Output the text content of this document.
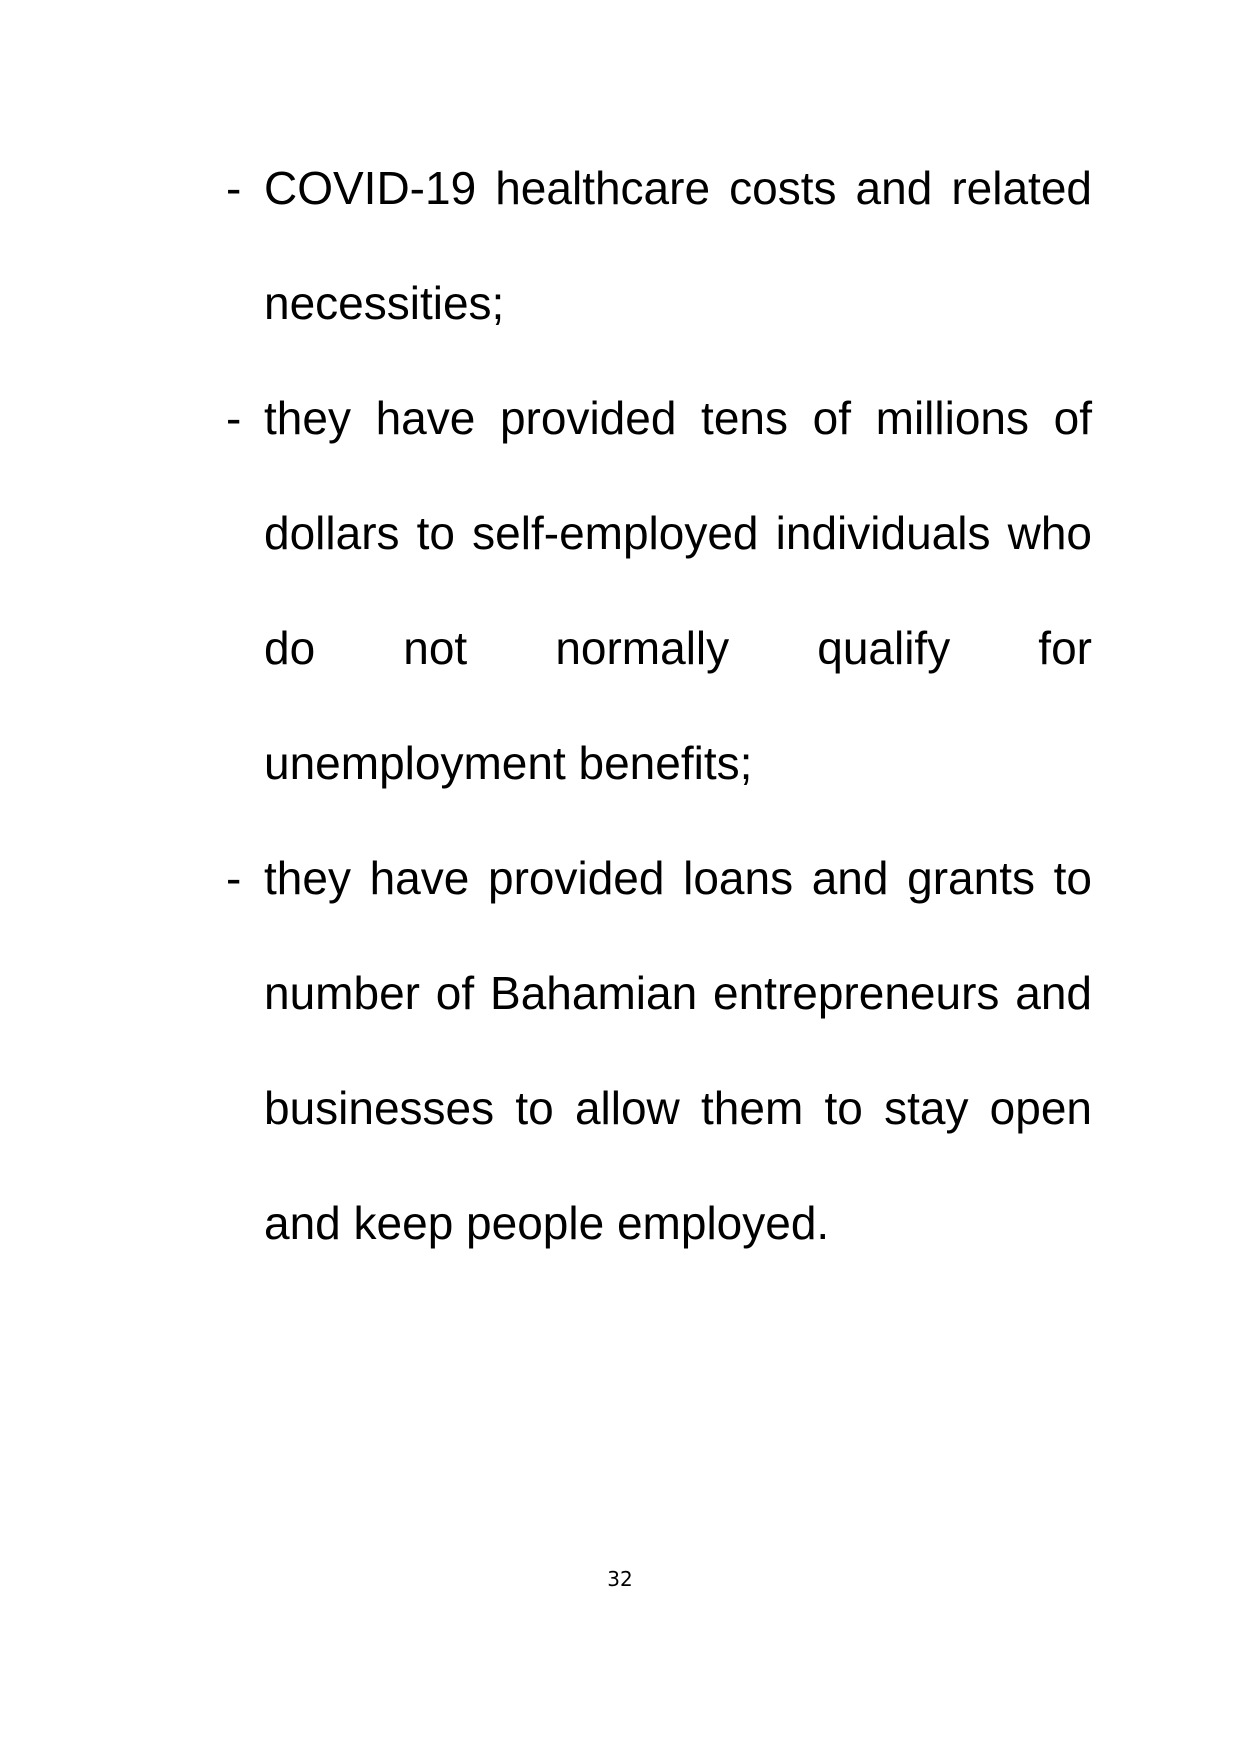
- COVID-19 healthcare costs and related necessities;
- they have provided tens of millions of dollars to self-employed individuals who do not normally qualify for unemployment benefits;
- they have provided loans and grants to number of Bahamian entrepreneurs and businesses to allow them to stay open and keep people employed.
32
